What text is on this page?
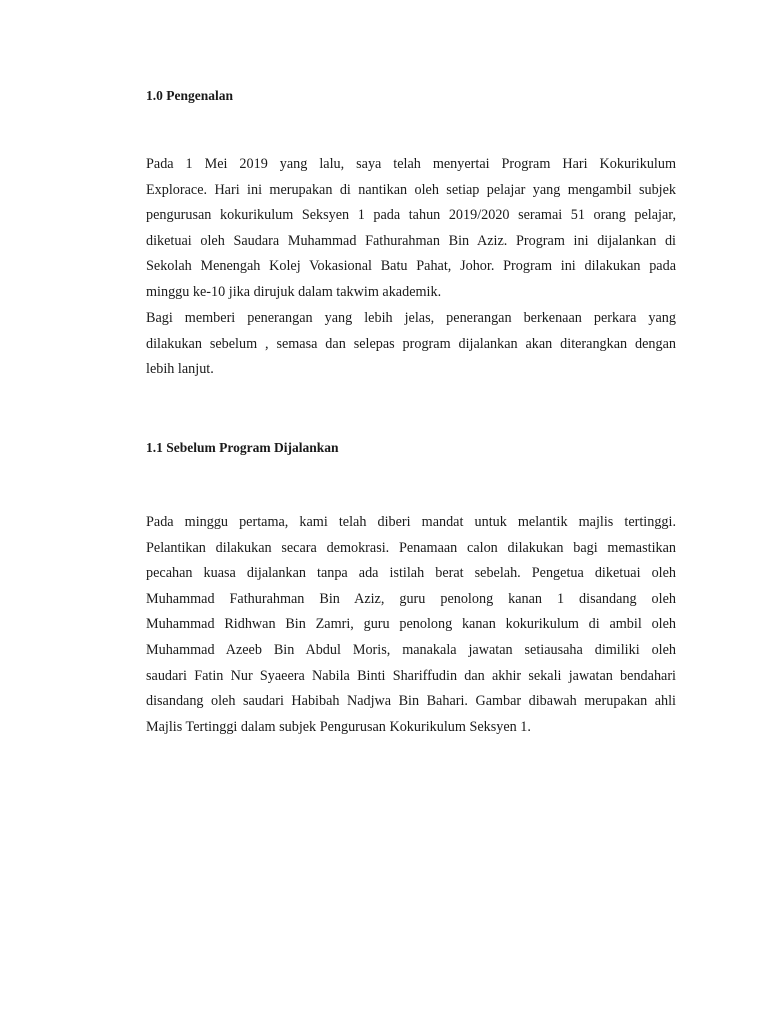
1.0 Pengenalan
Pada 1 Mei 2019 yang lalu, saya telah menyertai Program Hari Kokurikulum
Explorace. Hari ini merupakan di nantikan oleh setiap pelajar yang mengambil subjek
pengurusan kokurikulum Seksyen 1 pada tahun 2019/2020 seramai 51 orang pelajar,
diketuai oleh Saudara Muhammad Fathurahman Bin Aziz. Program ini dijalankan di
Sekolah Menengah Kolej Vokasional Batu Pahat, Johor. Program ini dilakukan pada
minggu ke-10 jika dirujuk dalam takwim akademik.
Bagi memberi penerangan yang lebih jelas, penerangan berkenaan perkara yang
dilakukan sebelum , semasa dan selepas program dijalankan akan diterangkan dengan
lebih lanjut.
1.1 Sebelum Program Dijalankan
Pada minggu pertama, kami telah diberi mandat untuk melantik majlis tertinggi.
Pelantikan dilakukan secara demokrasi. Penamaan calon dilakukan bagi memastikan
pecahan kuasa dijalankan tanpa ada istilah berat sebelah. Pengetua diketuai oleh
Muhammad Fathurahman Bin Aziz, guru penolong kanan 1 disandang oleh
Muhammad Ridhwan Bin Zamri, guru penolong kanan kokurikulum di ambil oleh
Muhammad Azeeb Bin Abdul Moris, manakala jawatan setiausaha dimiliki oleh
saudari Fatin Nur Syaeera Nabila Binti Shariffudin dan akhir sekali jawatan bendahari
disandang oleh saudari Habibah Nadjwa Bin Bahari. Gambar dibawah merupakan ahli
Majlis Tertinggi dalam subjek Pengurusan Kokurikulum Seksyen 1.
